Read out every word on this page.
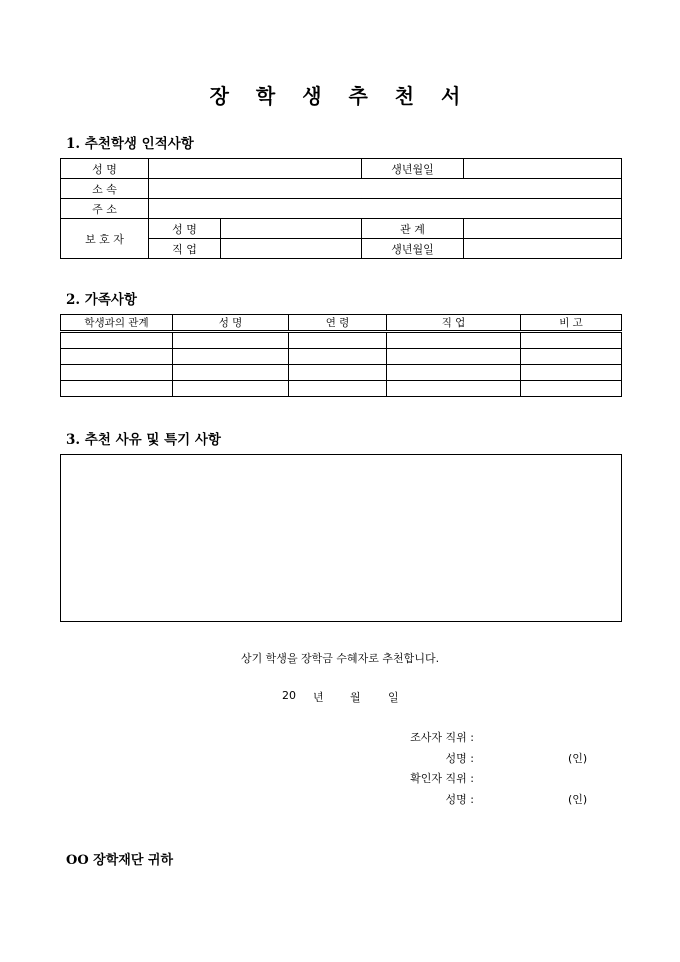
장 학 생 추 천 서
1. 추천학생 인적사항
성 명			생년월일	
소 속				
주 소				
보 호 자	성 명		관 계	
	직 업		생년월일	
2. 가족사항
학생과의 관계	성 명	연 령	직 업	비 고

3. 추천 사유 및 특기 사항
상기 학생을 장학금 수혜자로 추천합니다.
20 년 월 일
조사자 직위 :
성명 :	(인)
확인자 직위 :
성명 :	(인)
OO 장학재단 귀하
